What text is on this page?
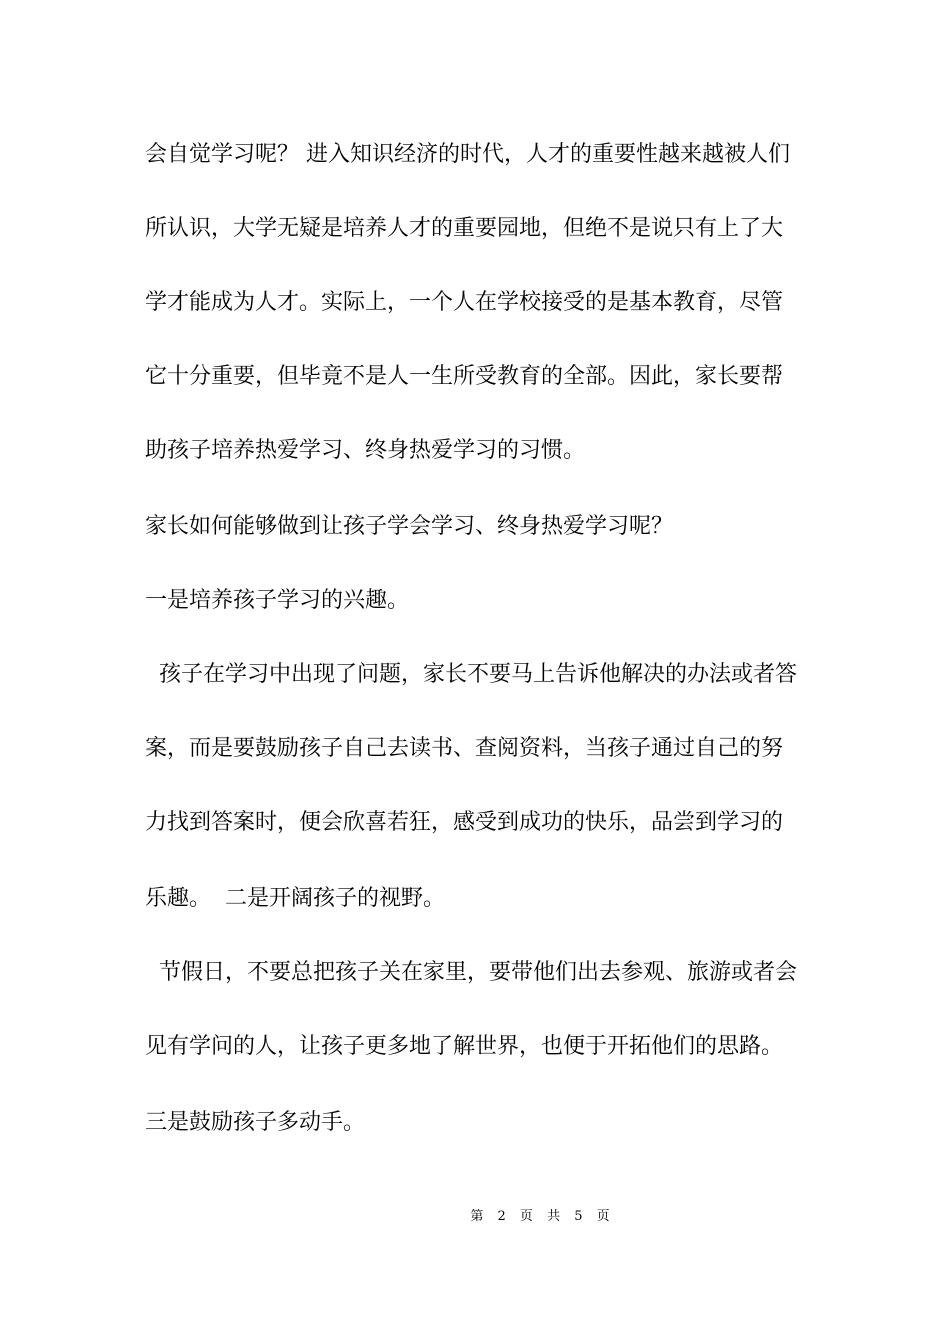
会自觉学习呢？ 进入知识经济的时代，人才的重要性越来越被人们
所认识，大学无疑是培养人才的重要园地，但绝不是说只有上了大
学才能成为人才。实际上，一个人在学校接受的是基本教育，尽管
它十分重要，但毕竟不是人一生所受教育的全部。因此，家长要帮
助孩子培养热爱学习、终身热爱学习的习惯。
家长如何能够做到让孩子学会学习、终身热爱学习呢？
一是培养孩子学习的兴趣。
孩子在学习中出现了问题，家长不要马上告诉他解决的办法或者答
案，而是要鼓励孩子自己去读书、查阅资料，当孩子通过自己的努
力找到答案时，便会欣喜若狂，感受到成功的快乐，品尝到学习的
乐趣。  二是开阔孩子的视野。
节假日，不要总把孩子关在家里，要带他们出去参观、旅游或者会
见有学问的人，让孩子更多地了解世界，也便于开拓他们的思路。
三是鼓励孩子多动手。
第 2 页 共 5 页
